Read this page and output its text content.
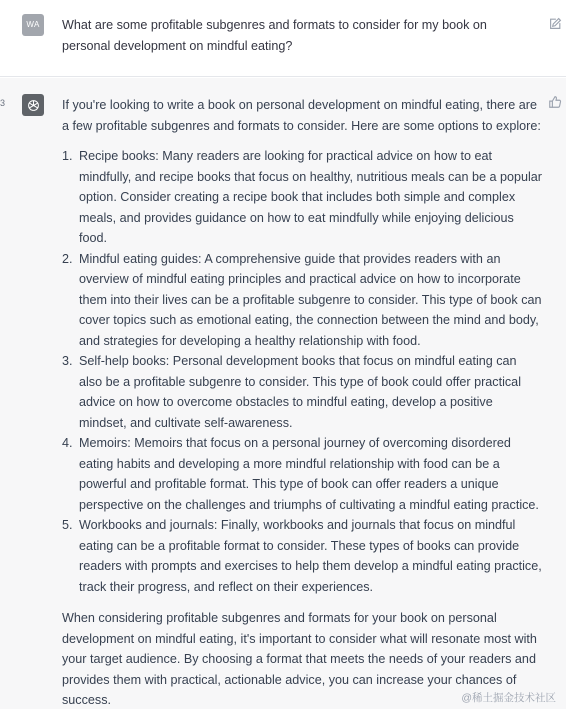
WA	What are some profitable subgenres and formats to consider for my book on personal development on mindful eating?
3	If you're looking to write a book on personal development on mindful eating, there are a few profitable subgenres and formats to consider. Here are some options to explore:

1. Recipe books: Many readers are looking for practical advice on how to eat mindfully, and recipe books that focus on healthy, nutritious meals can be a popular option. Consider creating a recipe book that includes both simple and complex meals, and provides guidance on how to eat mindfully while enjoying delicious food.
2. Mindful eating guides: A comprehensive guide that provides readers with an overview of mindful eating principles and practical advice on how to incorporate them into their lives can be a profitable subgenre to consider. This type of book can cover topics such as emotional eating, the connection between the mind and body, and strategies for developing a healthy relationship with food.
3. Self-help books: Personal development books that focus on mindful eating can also be a profitable subgenre to consider. This type of book could offer practical advice on how to overcome obstacles to mindful eating, develop a positive mindset, and cultivate self-awareness.
4. Memoirs: Memoirs that focus on a personal journey of overcoming disordered eating habits and developing a more mindful relationship with food can be a powerful and profitable format. This type of book can offer readers a unique perspective on the challenges and triumphs of cultivating a mindful eating practice.
5. Workbooks and journals: Finally, workbooks and journals that focus on mindful eating can be a profitable format to consider. These types of books can provide readers with prompts and exercises to help them develop a mindful eating practice, track their progress, and reflect on their experiences.

When considering profitable subgenres and formats for your book on personal development on mindful eating, it's important to consider what will resonate most with your target audience. By choosing a format that meets the needs of your readers and provides them with practical, actionable advice, you can increase your chances of success.	@稀土掘金技术社区
